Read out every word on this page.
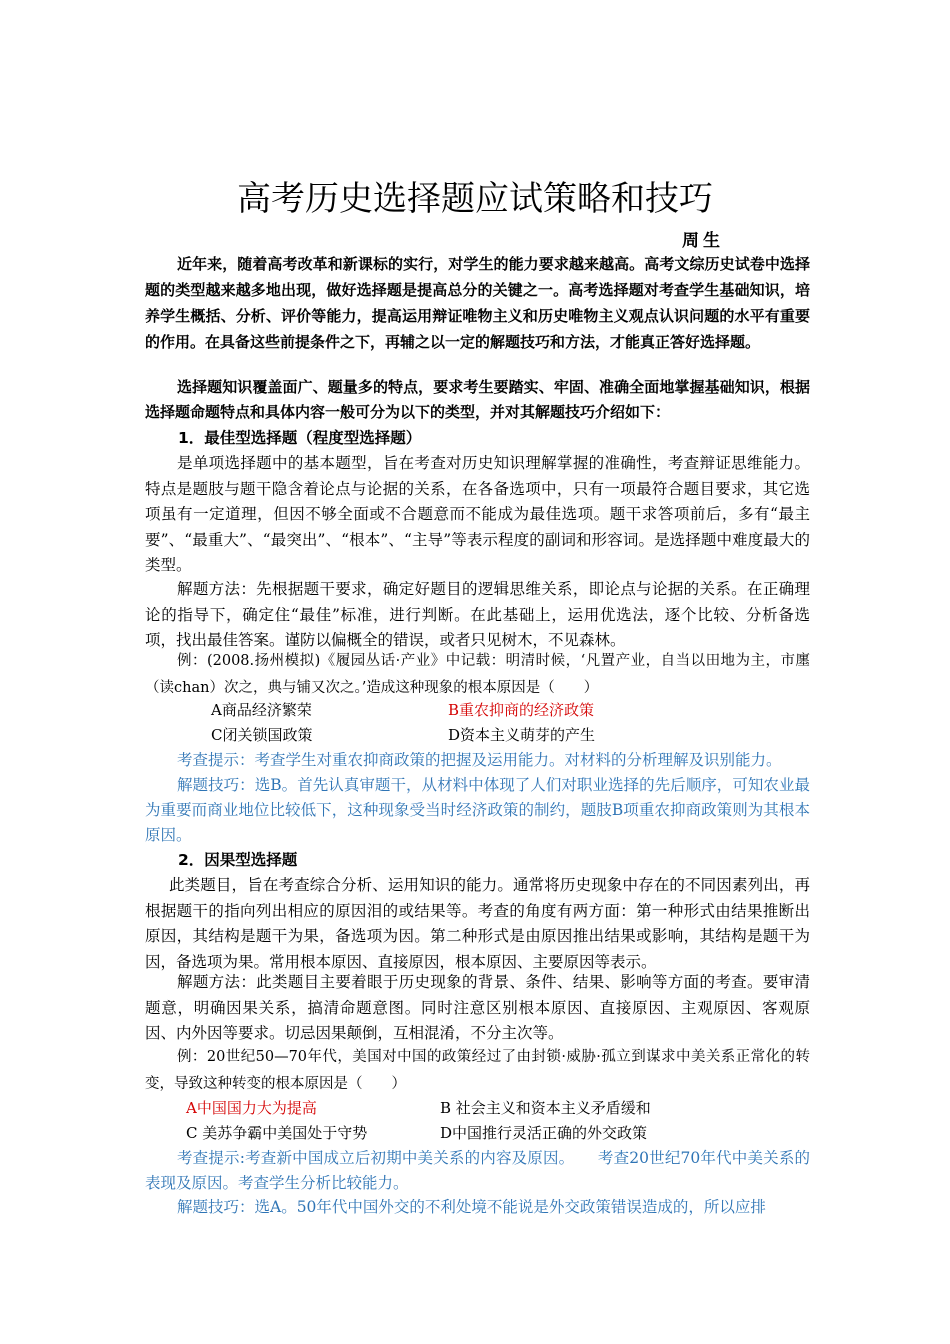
高考历史选择题应试策略和技巧
周生

近年来，随着高考改革和新课标的实行，对学生的能力要求越来越高。高考文综历史试卷中选择题的类型越来越多地出现，做好选择题是提高总分的关键之一。高考选择题对考查学生基础知识，培养学生概括、分析、评价等能力，提高运用辩证唯物主义和历史唯物主义观点认识问题的水平有重要的作用。在具备这些前提条件之下，再辅之以一定的解题技巧和方法，才能真正答好选择题。

选择题知识覆盖面广、题量多的特点，要求考生要踏实、牢固、准确全面地掌握基础知识，根据选择题命题特点和具体内容一般可分为以下的类型，并对其解题技巧介绍如下：

1．最佳型选择题（程度型选择题）

是单项选择题中的基本题型，旨在考查对历史知识理解掌握的准确性，考查辩证思维能力。特点是题肢与题干隐含着论点与论据的关系，在各备选项中，只有一项最符合题目要求，其它选项虽有一定道理，但因不够全面或不合题意而不能成为最佳选项。题干求答项前后，多有“最主要”、“最重大”、“最突出”、“根本”、“主导”等表示程度的副词和形容词。是选择题中难度最大的类型。

解题方法：先根据题干要求，确定好题目的逻辑思维关系，即论点与论据的关系。在正确理论的指导下，确定住“最佳”标准，进行判断。在此基础上，运用优选法，逐个比较、分析备选项，找出最佳答案。谨防以偏概全的错误，或者只见树木，不见森林。

例：(2008.扬州模拟)《履园丛话·产业》中记载：明清时候，‘凡置产业，自当以田地为主，市廛（读chan）次之，典与铺又次之。’造成这种现象的根本原因是（　　）

A商品经济繁荣	B重农抑商的经济政策
C闭关锁国政策	D资本主义萌芽的产生

考查提示：考查学生对重农抑商政策的把握及运用能力。对材料的分析理解及识别能力。

解题技巧：选B。首先认真审题干，从材料中体现了人们对职业选择的先后顺序，可知农业最为重要而商业地位比较低下，这种现象受当时经济政策的制约，题肢B项重农抑商政策则为其根本原因。

2．因果型选择题

此类题目，旨在考查综合分析、运用知识的能力。通常将历史现象中存在的不同因素列出，再根据题干的指向列出相应的原因泪的或结果等。考查的角度有两方面：第一种形式由结果推断出原因，其结构是题干为果，备选项为因。第二种形式是由原因推出结果或影响，其结构是题干为因，备选项为果。常用根本原因、直接原因，根本原因、主要原因等表示。

解题方法：此类题目主要着眼于历史现象的背景、条件、结果、影响等方面的考查。要审清题意，明确因果关系，搞清命题意图。同时注意区别根本原因、直接原因、主观原因、客观原因、内外因等要求。切忌因果颠倒，互相混淆，不分主次等。

例：20世纪50—70年代，美国对中国的政策经过了由封锁·威胁·孤立到谋求中美关系正常化的转变，导致这种转变的根本原因是（　　）

A中国国力大为提高	B 社会主义和资本主义矛盾缓和
C 美苏争霸中美国处于守势	D中国推行灵活正确的外交政策

考查提示:考查新中国成立后初期中美关系的内容及原因。　　考查20世纪70年代中美关系的表现及原因。考查学生分析比较能力。

解题技巧：选A。50年代中国外交的不利处境不能说是外交政策错误造成的，所以应排
